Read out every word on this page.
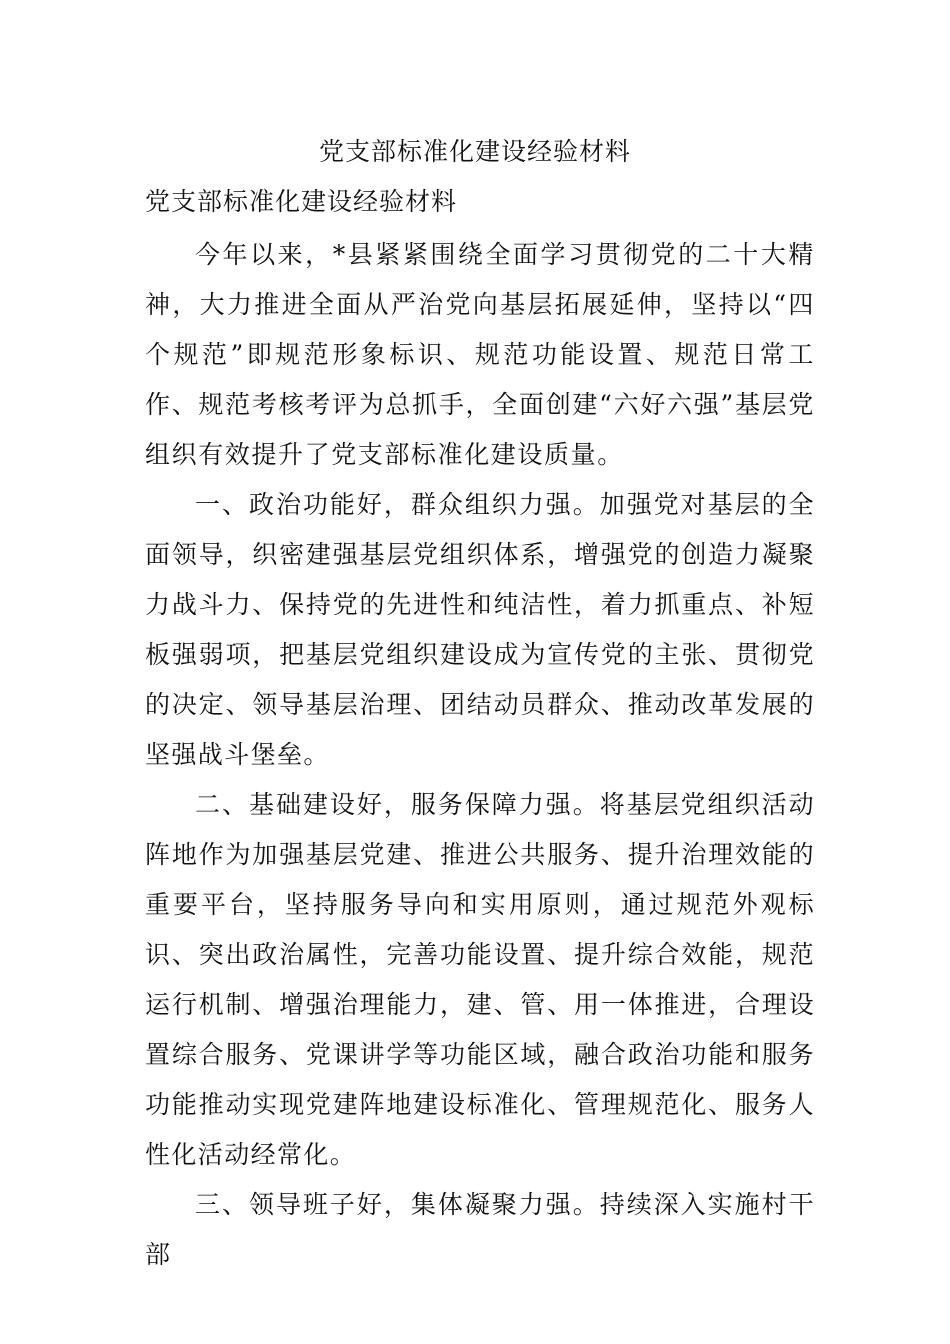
党支部标准化建设经验材料
党支部标准化建设经验材料

今年以来，*县紧紧围绕全面学习贯彻党的二十大精神，大力推进全面从严治党向基层拓展延伸，坚持以“四个规范”即规范形象标识、规范功能设置、规范日常工作、规范考核考评为总抓手，全面创建“六好六强”基层党组织有效提升了党支部标准化建设质量。

一、政治功能好，群众组织力强。加强党对基层的全面领导，织密建强基层党组织体系，增强党的创造力凝聚力战斗力、保持党的先进性和纯洁性，着力抓重点、补短板强弱项，把基层党组织建设成为宣传党的主张、贯彻党的决定、领导基层治理、团结动员群众、推动改革发展的坚强战斗堡垒。

二、基础建设好，服务保障力强。将基层党组织活动阵地作为加强基层党建、推进公共服务、提升治理效能的重要平台，坚持服务导向和实用原则，通过规范外观标识、突出政治属性，完善功能设置、提升综合效能，规范运行机制、增强治理能力，建、管、用一体推进，合理设置综合服务、党课讲学等功能区域，融合政治功能和服务功能推动实现党建阵地建设标准化、管理规范化、服务人性化活动经常化。

三、领导班子好，集体凝聚力强。持续深入实施村干部
